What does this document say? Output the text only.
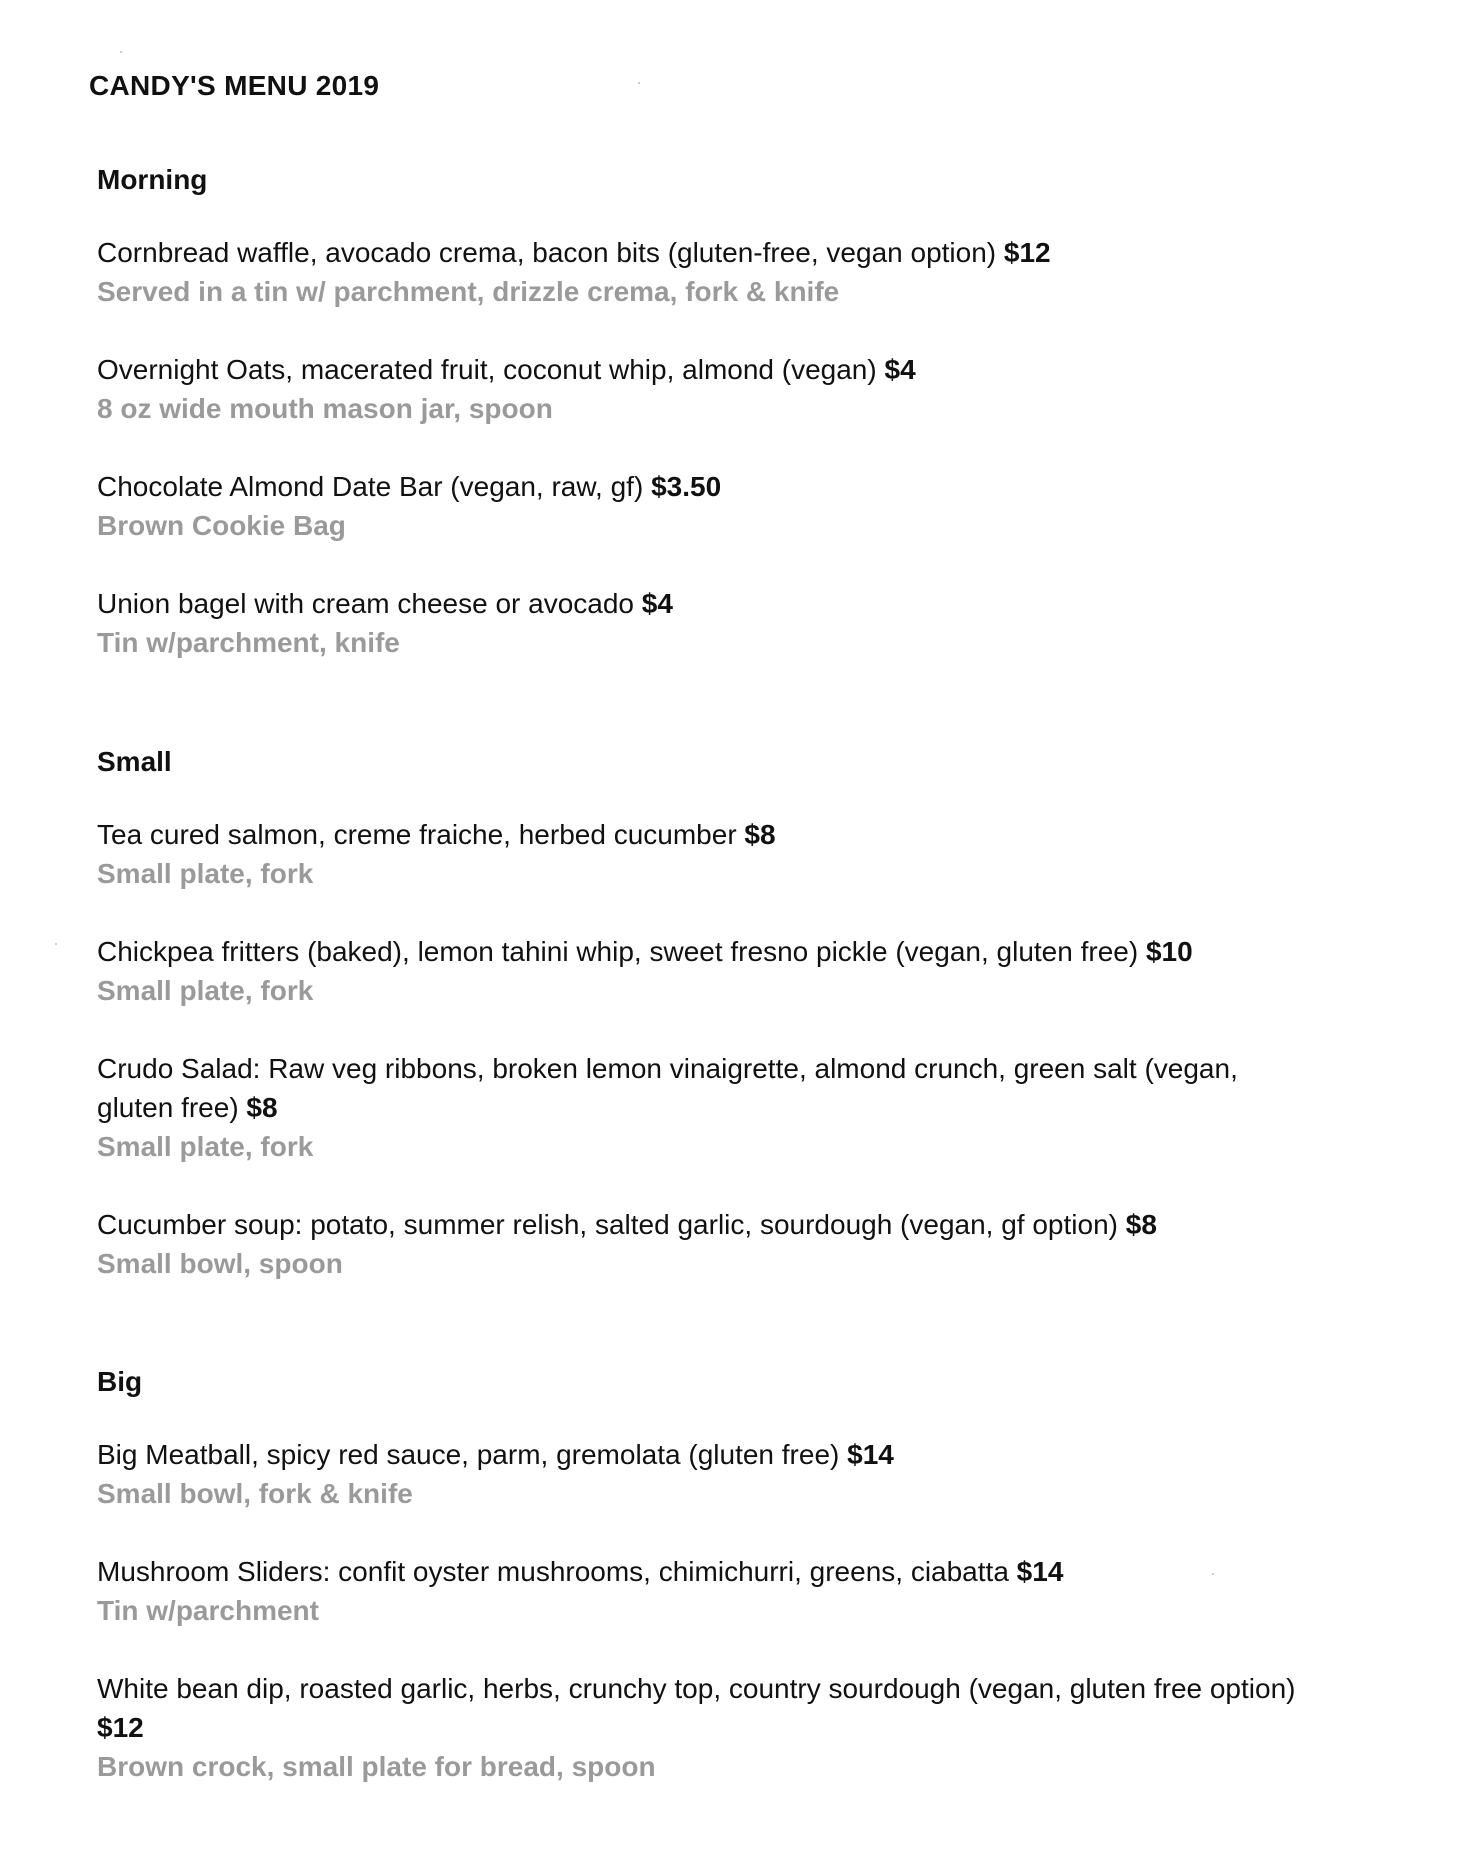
CANDY'S MENU 2019
Morning
Cornbread waffle, avocado crema, bacon bits (gluten-free, vegan option) $12
Served in a tin w/ parchment, drizzle crema, fork & knife
Overnight Oats, macerated fruit, coconut whip, almond (vegan) $4
8 oz wide mouth mason jar, spoon
Chocolate Almond Date Bar (vegan, raw, gf) $3.50
Brown Cookie Bag
Union bagel with cream cheese or avocado $4
Tin w/parchment, knife
Small
Tea cured salmon, creme fraiche, herbed cucumber $8
Small plate, fork
Chickpea fritters (baked), lemon tahini whip, sweet fresno pickle (vegan, gluten free) $10
Small plate, fork
Crudo Salad: Raw veg ribbons, broken lemon vinaigrette, almond crunch, green salt (vegan, gluten free) $8
Small plate, fork
Cucumber soup: potato, summer relish, salted garlic, sourdough (vegan, gf option) $8
Small bowl, spoon
Big
Big Meatball, spicy red sauce, parm, gremolata (gluten free) $14
Small bowl, fork & knife
Mushroom Sliders: confit oyster mushrooms, chimichurri, greens, ciabatta $14
Tin w/parchment
White bean dip, roasted garlic, herbs, crunchy top, country sourdough (vegan, gluten free option) $12
Brown crock, small plate for bread, spoon
